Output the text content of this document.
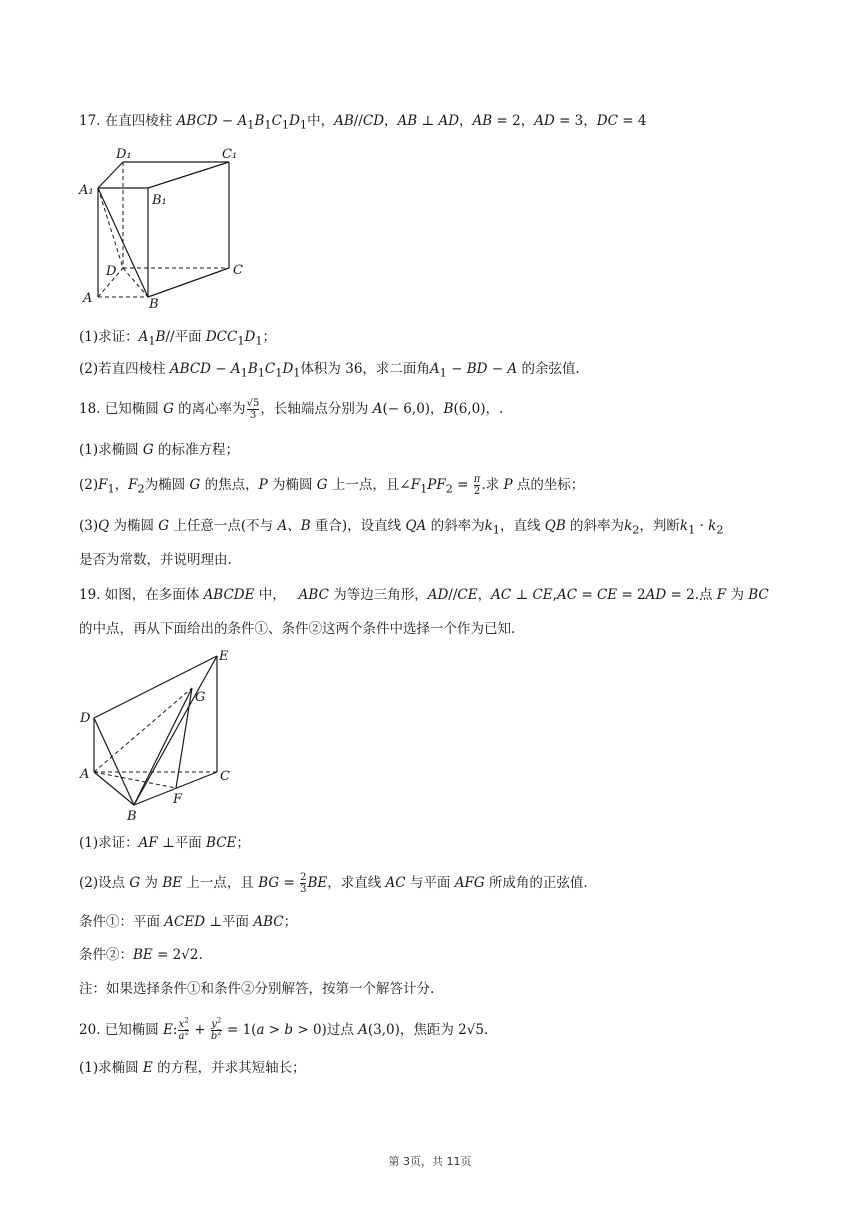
17. 在直四棱柱 ABCD − $A_1B_1C_1D_1$中，AB//CD，AB ⊥ AD，AB = 2，AD = 3，DC = 4
D₁	C₁
A₁
B₁
D	C
A	B
(1)求证：$A_1B//$平面 $DCC_1D_1$；
(2)若直四棱柱 ABCD − $A_1B_1C_1D_1$体积为 36，求二面角$A_1$ − BD − A 的余弦值.
18. 已知椭圆 G 的离心率为 $\frac{√5}{3}$ ，长轴端点分别为 A(− 6,0)，B(6,0)，.
(1)求椭圆 G 的标准方程；
$(2)F_1$，$F_2$为椭圆 G 的焦点，P 为椭圆 G 上一点，且$\angle F_1PF_2 = \frac{\pi}{2}$ .求 P 点的坐标；
(3)Q 为椭圆 G 上任意一点(不与 A、B 重合)，设直线 QA 的斜率为$k_1$，直线 QB 的斜率为$k_2$，判断$k_1 \cdot k_2$
是否为常数，并说明理由.
19. 如图，在多面体 ABCDE 中，   ABC 为等边三角形，AD//CE，AC ⊥ CE,AC = CE = 2AD = 2.点 F 为 BC
的中点，再从下面给出的条件①、条件②这两个条件中选择一个作为已知.
E
G
D
A	C
F
B
(1)求证：AF ⊥平面 BCE；
(2)设点 G 为 BE 上一点，且 BG = $\frac{2}{3}$ BE，求直线 AC 与平面 AFG 所成角的正弦值.
条件①：平面 ACED ⊥平面 ABC；
条件②：BE = 2√2.
注：如果选择条件①和条件②分别解答，按第一个解答计分.
20. 已知椭圆 E: $\frac{x^2}{a^2} + \frac{y^2}{b^2} = 1(a > b > 0)$过点 A(3,0)，焦距为 2√5.
(1)求椭圆 E 的方程，并求其短轴长；
第 3页，共 11页
